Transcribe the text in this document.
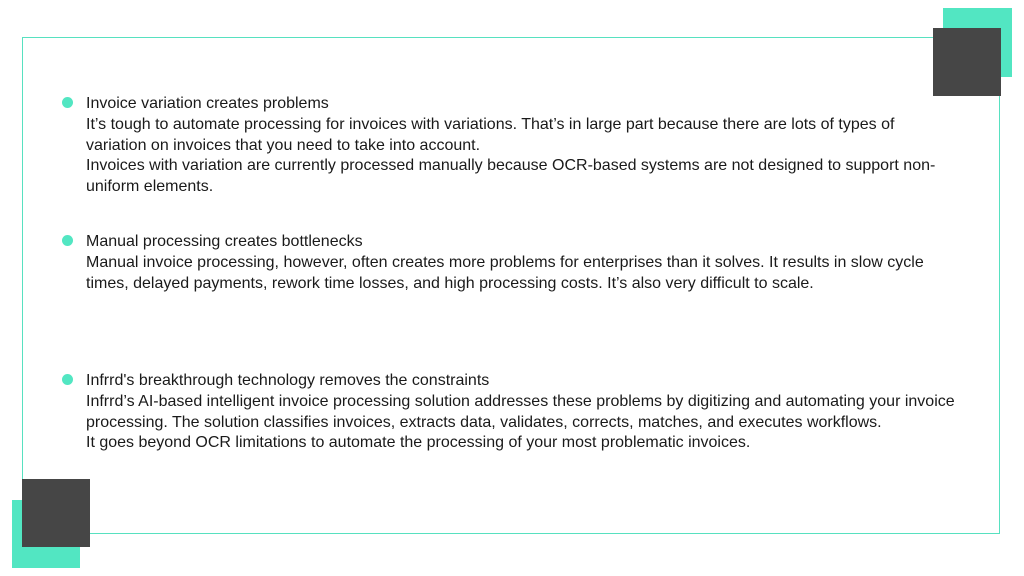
Invoice variation creates problems
It’s tough to automate processing for invoices with variations. That’s in large part because there are lots of types of variation on invoices that you need to take into account.
Invoices with variation are currently processed manually because OCR-based systems are not designed to support non-uniform elements.
Manual processing creates bottlenecks
Manual invoice processing, however, often creates more problems for enterprises than it solves. It results in slow cycle times, delayed payments, rework time losses, and high processing costs. It’s also very difficult to scale.
Infrrd's breakthrough technology removes the constraints
Infrrd’s AI-based intelligent invoice processing solution addresses these problems by digitizing and automating your invoice processing. The solution classifies invoices, extracts data, validates, corrects, matches, and executes workflows.
It goes beyond OCR limitations to automate the processing of your most problematic invoices.
